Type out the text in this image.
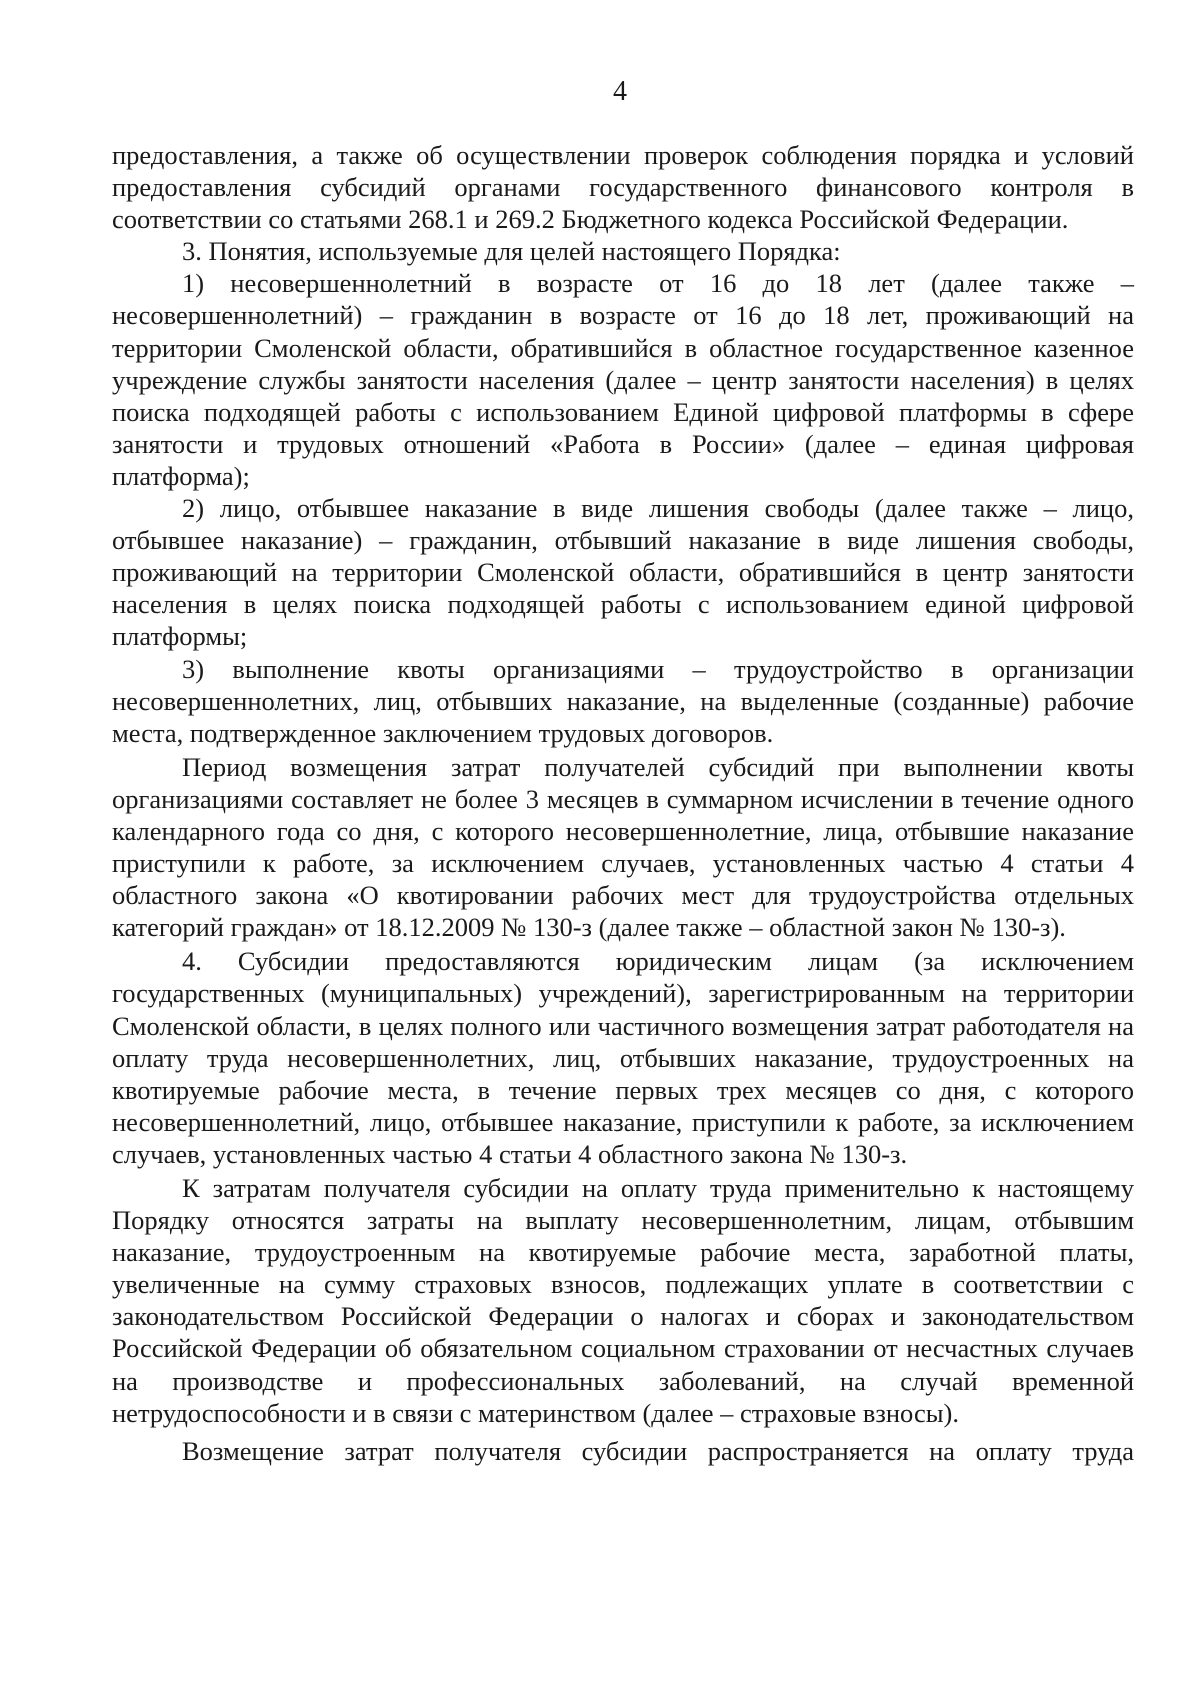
4

предоставления, а также об осуществлении проверок соблюдения порядка и условий предоставления субсидий органами государственного финансового контроля в соответствии со статьями 268.1 и 269.2 Бюджетного кодекса Российской Федерации.

3. Понятия, используемые для целей настоящего Порядка:

1) несовершеннолетний в возрасте от 16 до 18 лет (далее также – несовершеннолетний) – гражданин в возрасте от 16 до 18 лет, проживающий на территории Смоленской области, обратившийся в областное государственное казенное учреждение службы занятости населения (далее – центр занятости населения) в целях поиска подходящей работы с использованием Единой цифровой платформы в сфере занятости и трудовых отношений «Работа в России» (далее – единая цифровая платформа);

2) лицо, отбывшее наказание в виде лишения свободы (далее также – лицо, отбывшее наказание) – гражданин, отбывший наказание в виде лишения свободы, проживающий на территории Смоленской области, обратившийся в центр занятости населения в целях поиска подходящей работы с использованием единой цифровой платформы;

3) выполнение квоты организациями – трудоустройство в организации несовершеннолетних, лиц, отбывших наказание, на выделенные (созданные) рабочие места, подтвержденное заключением трудовых договоров.

Период возмещения затрат получателей субсидий при выполнении квоты организациями составляет не более 3 месяцев в суммарном исчислении в течение одного календарного года со дня, с которого несовершеннолетние, лица, отбывшие наказание приступили к работе, за исключением случаев, установленных частью 4 статьи 4 областного закона «О квотировании рабочих мест для трудоустройства отдельных категорий граждан» от 18.12.2009 № 130-з (далее также – областной закон № 130-з).

4. Субсидии предоставляются юридическим лицам (за исключением государственных (муниципальных) учреждений), зарегистрированным на территории Смоленской области, в целях полного или частичного возмещения затрат работодателя на оплату труда несовершеннолетних, лиц, отбывших наказание, трудоустроенных на квотируемые рабочие места, в течение первых трех месяцев со дня, с которого несовершеннолетний, лицо, отбывшее наказание, приступили к работе, за исключением случаев, установленных частью 4 статьи 4 областного закона № 130-з.

К затратам получателя субсидии на оплату труда применительно к настоящему Порядку относятся затраты на выплату несовершеннолетним, лицам, отбывшим наказание, трудоустроенным на квотируемые рабочие места, заработной платы, увеличенные на сумму страховых взносов, подлежащих уплате в соответствии с законодательством Российской Федерации о налогах и сборах и законодательством Российской Федерации об обязательном социальном страховании от несчастных случаев на производстве и профессиональных заболеваний, на случай временной нетрудоспособности и в связи с материнством (далее – страховые взносы).

Возмещение затрат получателя субсидии распространяется на оплату труда
